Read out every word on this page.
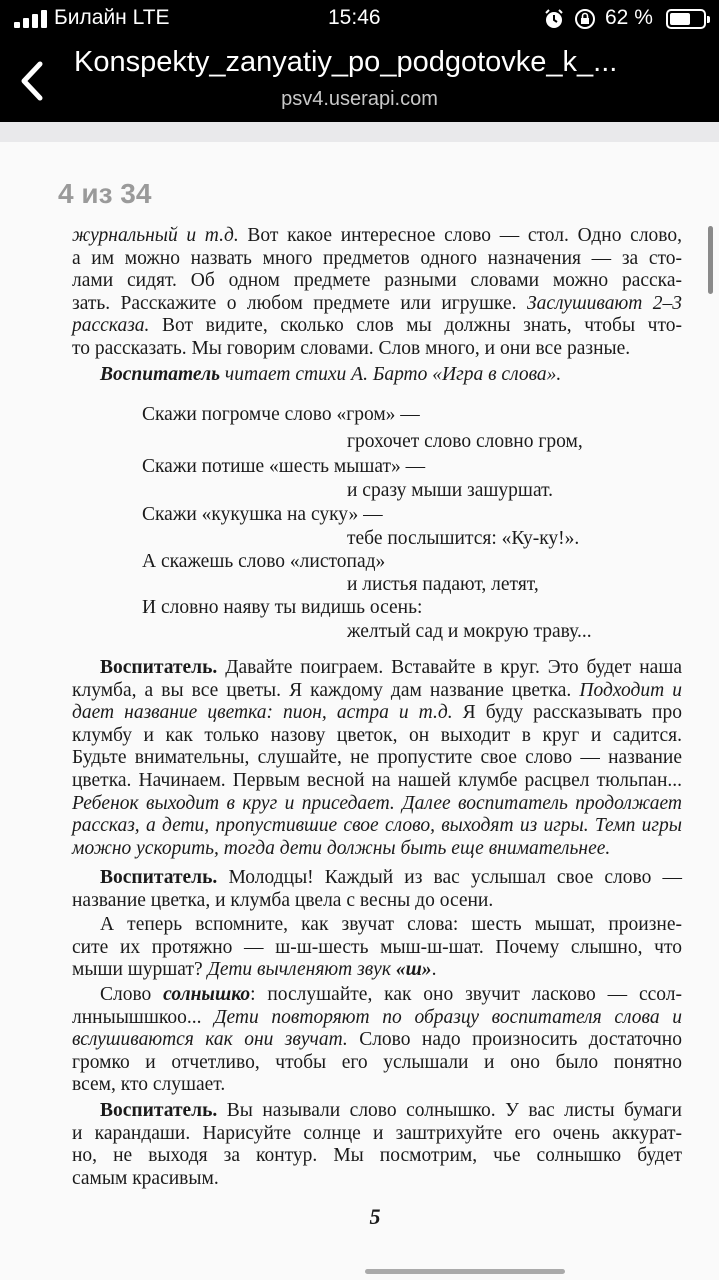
Билайн LTE	15:46	62 %
Konspekty_zanyatiy_po_podgotovke_k_...
psv4.userapi.com
4 из 34
журнальный и т.д. Вот какое интересное слово — стол. Одно слово,
а им можно назвать много предметов одного назначения — за сто-
лами сидят. Об одном предмете разными словами можно расска-
зать. Расскажите о любом предмете или игрушке. Заслушивают 2–3
рассказа. Вот видите, сколько слов мы должны знать, чтобы что-
то рассказать. Мы говорим словами. Слов много, и они все разные.
Воспитатель читает стихи А. Барто «Игра в слова».
Скажи погромче слово «гром» —
грохочет слово словно гром,
Скажи потише «шесть мышат» —
и сразу мыши зашуршат.
Скажи «кукушка на суку» —
тебе послышится: «Ку-ку!».
А скажешь слово «листопад»
и листья падают, летят,
И словно наяву ты видишь осень:
желтый сад и мокрую траву...
Воспитатель. Давайте поиграем. Вставайте в круг. Это будет наша
клумба, а вы все цветы. Я каждому дам название цветка. Подходит и
дает название цветка: пион, астра и т.д. Я буду рассказывать про
клумбу и как только назову цветок, он выходит в круг и садится.
Будьте внимательны, слушайте, не пропустите свое слово — название
цветка. Начинаем. Первым весной на нашей клумбе расцвел тюльпан...
Ребенок выходит в круг и приседает. Далее воспитатель продолжает
рассказ, а дети, пропустившие свое слово, выходят из игры. Темп игры
можно ускорить, тогда дети должны быть еще внимательнее.
Воспитатель. Молодцы! Каждый из вас услышал свое слово —
название цветка, и клумба цвела с весны до осени.
А теперь вспомните, как звучат слова: шесть мышат, произне-
сите их протяжно — ш-ш-шесть мыш-ш-шат. Почему слышно, что
мыши шуршат? Дети вычленяют звук «ш».
Слово солнышко: послушайте, как оно звучит ласково — ссол-
лнныышшкоо... Дети повторяют по образцу воспитателя слова и
вслушиваются как они звучат. Слово надо произносить достаточно
громко и отчетливо, чтобы его услышали и оно было понятно
всем, кто слушает.
Воспитатель. Вы называли слово солнышко. У вас листы бумаги
и карандаши. Нарисуйте солнце и заштрихуйте его очень аккурат-
но, не выходя за контур. Мы посмотрим, чье солнышко будет
самым красивым.
5
